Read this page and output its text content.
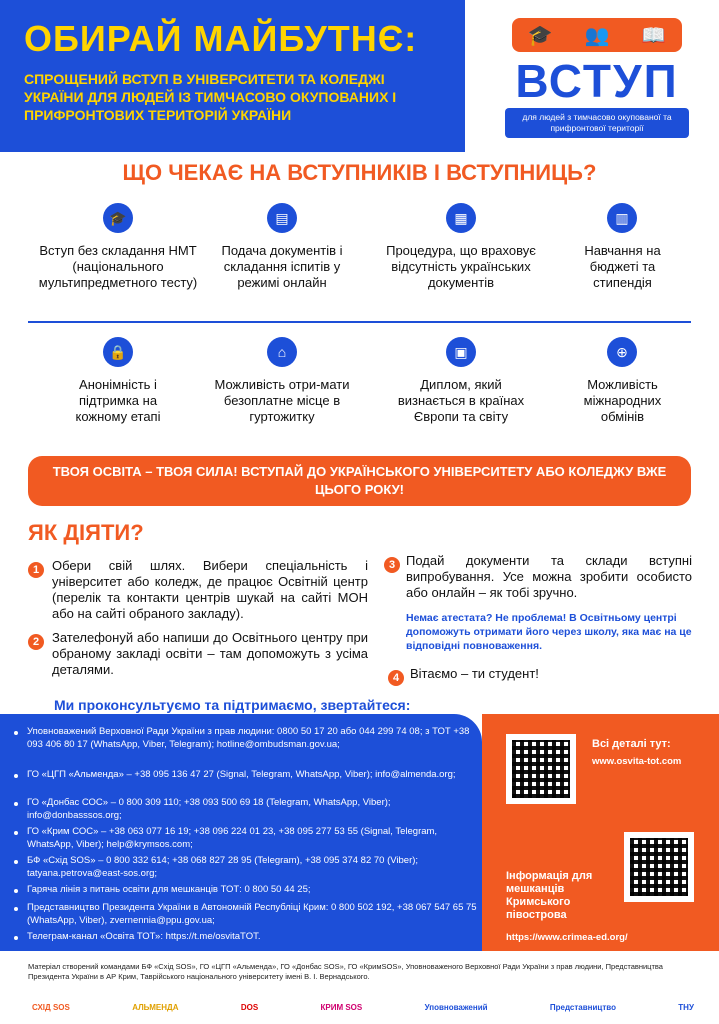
ОБИРАЙ МАЙБУТНЄ:
СПРОЩЕНИЙ ВСТУП В УНІВЕРСИТЕТИ ТА КОЛЕДЖІ УКРАЇНИ ДЛЯ ЛЮДЕЙ ІЗ ТИМЧАСОВО ОКУПОВАНИХ І ПРИФРОНТОВИХ ТЕРИТОРІЙ УКРАЇНИ
🎓 👥 📖
ВСТУП
для людей з тимчасово окупованої та прифронтової території
ЩО ЧЕКАЄ НА ВСТУПНИКІВ І ВСТУПНИЦЬ?
🎓
Вступ без складання НМТ (національного мультипредметного тесту)
▤
Подача документів і складання іспитів у режимі онлайн
▦
Процедура, що враховує відсутність українських документів
▥
Навчання на бюджеті та стипендія
🔒
Анонімність і підтримка на кожному етапі
⌂
Можливість отри-мати безоплатне місце в гуртожитку
▣
Диплом, який визнається в країнах Європи та світу
⊕
Можливість міжнародних обмінів
ТВОЯ ОСВІТА – ТВОЯ СИЛА! ВСТУПАЙ ДО УКРАЇНСЬКОГО УНІВЕРСИТЕТУ АБО КОЛЕДЖУ ВЖЕ ЦЬОГО РОКУ!
ЯК ДІЯТИ?
1 Обери свій шлях. Вибери спеціальність і університет або коледж, де працює Освітній центр (перелік та контакти центрів шукай на сайті МОН або на сайті обраного закладу).
2 Зателефонуй або напиши до Освітнього центру при обраному закладі освіти – там допоможуть з усіма деталями.
3 Подай документи та склади вступні випробування. Усе можна зробити особисто або онлайн – як тобі зручно.
Немає атестата? Не проблема! В Освітньому центрі допоможуть отримати його через школу, яка має на це відповідні повноваження.
4 Вітаємо – ти студент!
Ми проконсультуємо та підтримаємо, звертайтеся:
Уповноважений Верховної Ради України з прав людини: 0800 50 17 20 або 044 299 74 08; з ТОТ +38 093 406 80 17 (WhatsApp, Viber, Telegram); hotline@ombudsman.gov.ua;
ГО «ЦГП «Альменда» – +38 095 136 47 27 (Signal, Telegram, WhatsApp, Viber); info@almenda.org;
ГО «Донбас СОС» – 0 800 309 110; +38 093 500 69 18 (Telegram, WhatsApp, Viber); info@donbasssos.org;
ГО «Крим СОС» – +38 063 077 16 19; +38 096 224 01 23, +38 095 277 53 55 (Signal, Telegram, WhatsApp, Viber); help@krymsos.com;
БФ «Схід SOS» – 0 800 332 614; +38 068 827 28 95 (Telegram), +38 095 374 82 70 (Viber); tatyana.petrova@east-sos.org;
Гаряча лінія з питань освіти для мешканців ТОТ: 0 800 50 44 25;
Представництво Президента України в Автономній Республіці Крим: 0 800 502 192, +38 067 547 65 75 (WhatsApp, Viber), zvernennia@ppu.gov.ua;
Телеграм-канал «Освіта ТОТ»: https://t.me/osvitaTOT.
Всі деталі тут:
www.osvita-tot.com
Інформація для мешканців Кримського півострова
https://www.crimea-ed.org/
Матеріал створений командами БФ «Схід SOS», ГО «ЦГП «Альменда», ГО «Донбас SOS», ГО «КримSOS», Уповноваженого Верховної Ради України з прав людини, Представництва Президента України в АР Крим, Таврійського національного університету імені В. І. Вернадського.
СХІД SOS	АЛЬМЕНДА	DOS	КРИМ SOS	Уповноважений	Представництво	ТНУ
